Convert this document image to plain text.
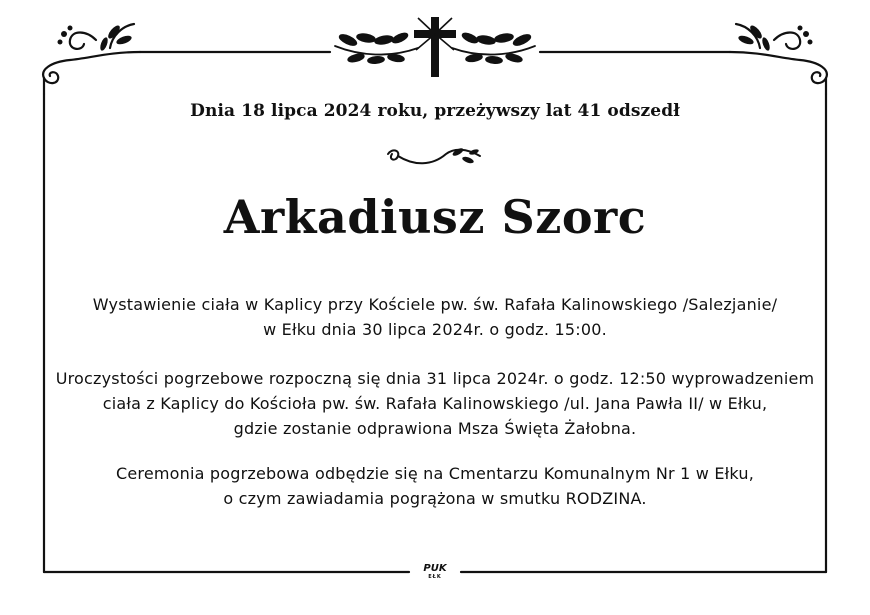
Dnia 18 lipca 2024 roku, przeżywszy lat 41 odszedł
Arkadiusz Szorc
Wystawienie ciała w Kaplicy przy Kościele pw. św. Rafała Kalinowskiego /Salezjanie/
w Ełku dnia 30 lipca 2024r. o godz. 15:00.
Uroczystości pogrzebowe rozpoczną się dnia 31 lipca 2024r. o godz. 12:50 wyprowadzeniem
ciała z Kaplicy do Kościoła pw. św. Rafała Kalinowskiego /ul. Jana Pawła II/ w Ełku,
gdzie zostanie odprawiona Msza Święta Żałobna.
Ceremonia pogrzebowa odbędzie się na Cmentarzu Komunalnym Nr 1 w Ełku,
o czym zawiadamia pogrążona w smutku RODZINA.
PUK
EŁK
